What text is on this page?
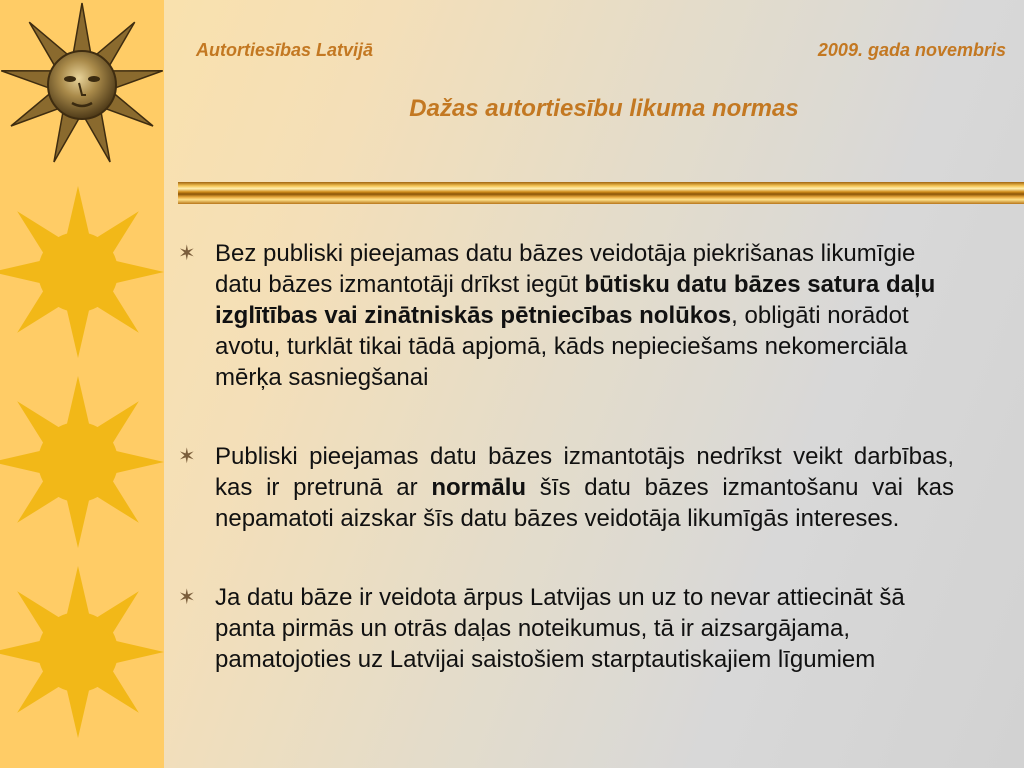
Autortiesības Latvijā	2009. gada novembris
Dažas autortiesību likuma normas

✶ Bez publiski pieejamas datu bāzes veidotāja piekrišanas likumīgie datu bāzes izmantotāji drīkst iegūt būtisku datu bāzes satura daļu izglītības vai zinātniskās pētniecības nolūkos, obligāti norādot avotu, turklāt tikai tādā apjomā, kāds nepieciešams nekomerciāla mērķa sasniegšanai

✶ Publiski pieejamas datu bāzes izmantotājs nedrīkst veikt darbības, kas ir pretrunā ar normālu šīs datu bāzes izmantošanu vai kas nepamatoti aizskar šīs datu bāzes veidotāja likumīgās intereses.

✶ Ja datu bāze ir veidota ārpus Latvijas un uz to nevar attiecināt šā panta pirmās un otrās daļas noteikumus, tā ir aizsargājama, pamatojoties uz Latvijai saistošiem starptautiskajiem līgumiem
